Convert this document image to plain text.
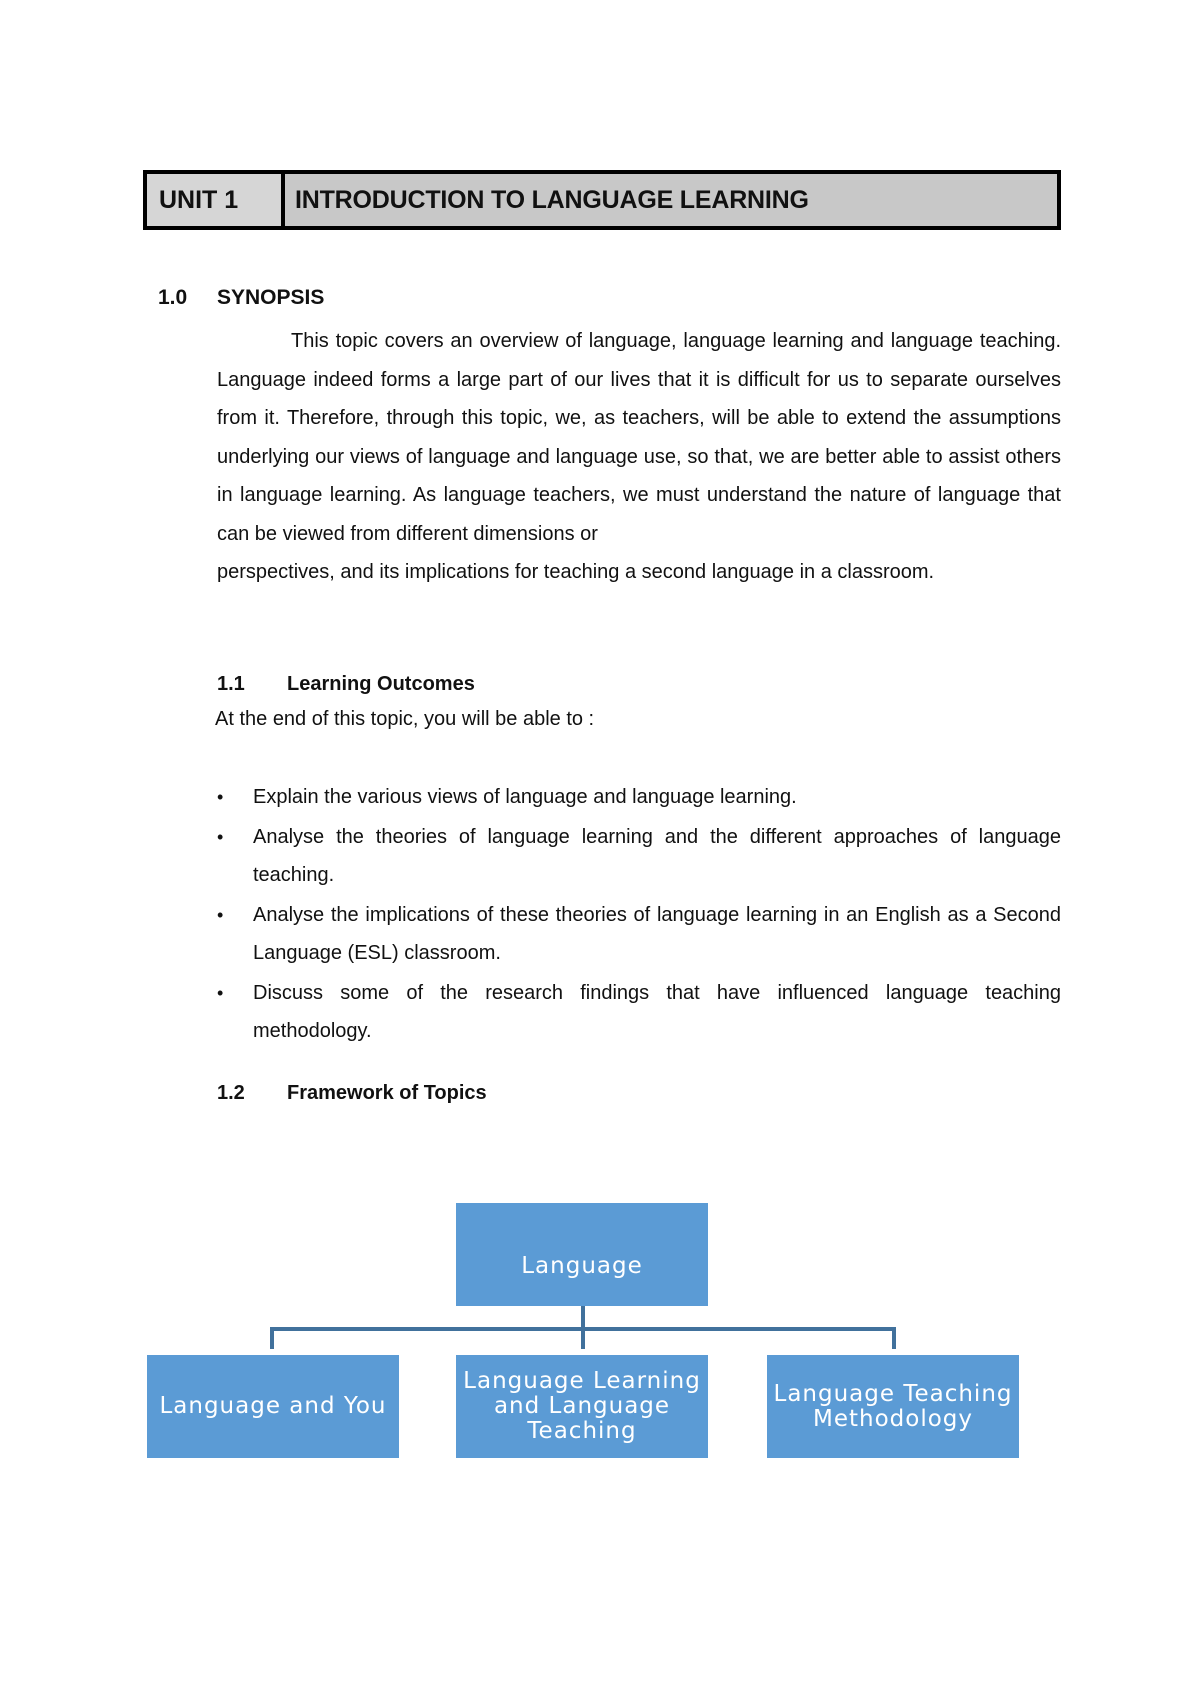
UNIT 1	INTRODUCTION TO LANGUAGE LEARNING
1.0 SYNOPSIS
This topic covers an overview of language, language learning and language teaching. Language indeed forms a large part of our lives that it is difficult for us to separate ourselves from it. Therefore, through this topic, we, as teachers, will be able to extend the assumptions underlying our views of language and language use, so that, we are better able to assist others in language learning. As language teachers, we must understand the nature of language that can be viewed from different dimensions or
perspectives, and its implications for teaching a second language in a classroom.
1.1 Learning Outcomes
At the end of this topic, you will be able to :
• Explain the various views of language and language learning.
• Analyse the theories of language learning and the different approaches of language teaching.
• Analyse the implications of these theories of language learning in an English as a Second Language (ESL) classroom.
• Discuss some of the research findings that have influenced language teaching methodology.
1.2 Framework of Topics
Language
Language and You
Language Learning and Language Teaching
Language Teaching Methodology
